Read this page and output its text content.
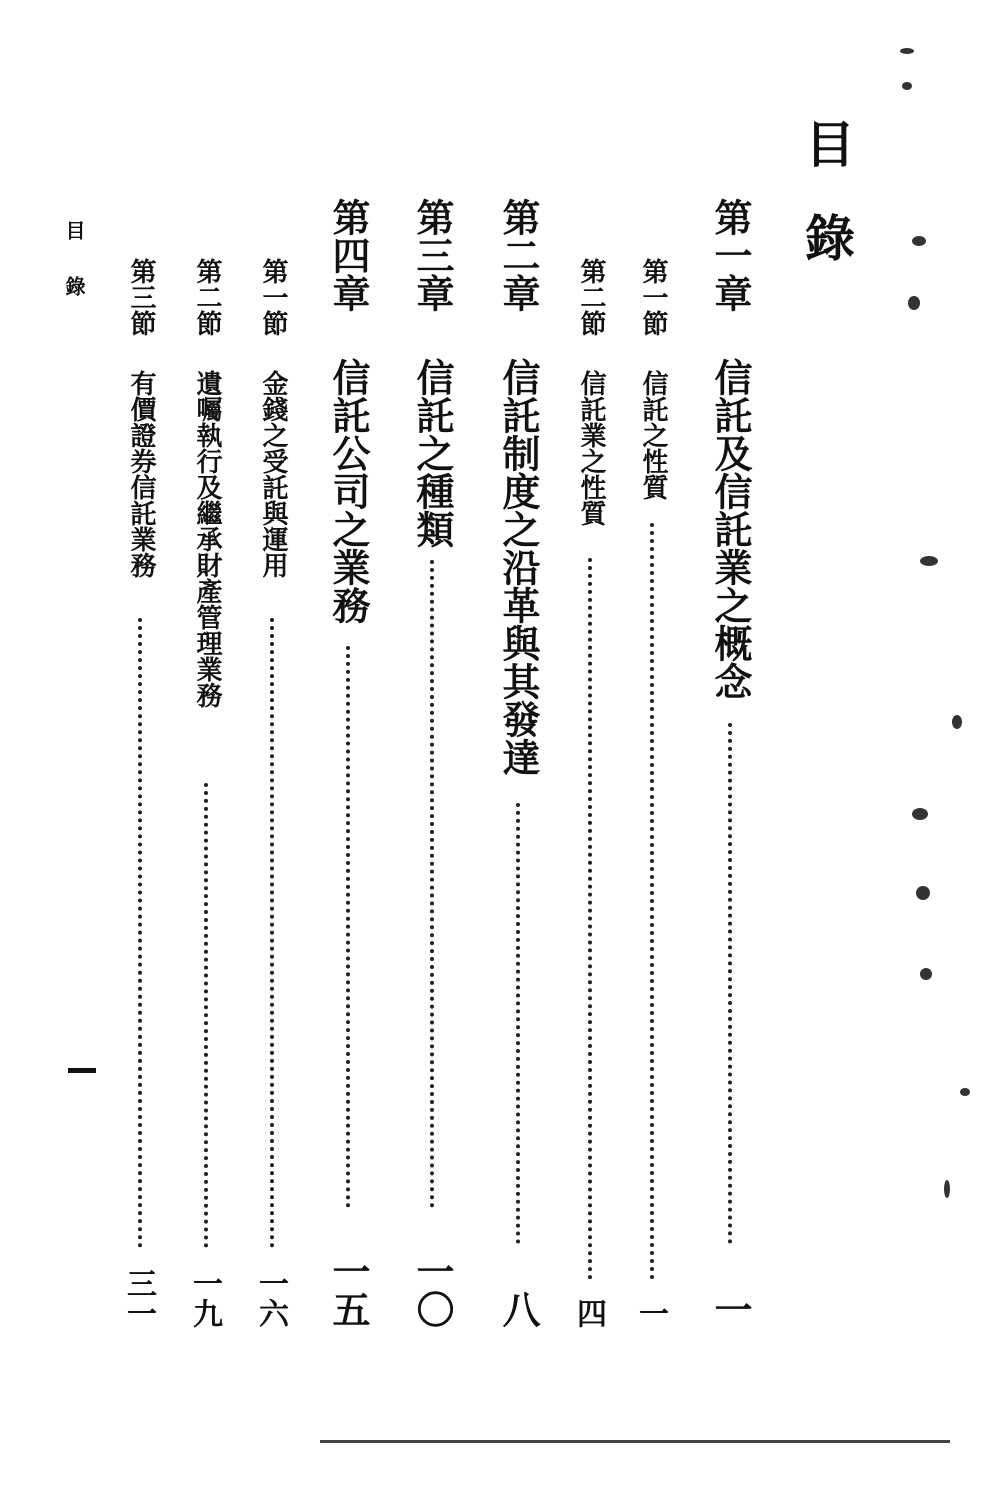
目
錄
第一章
信託及信託業之概念
一
第一節
信託之性質
一
第二節
信託業之性質
四
第二章
信託制度之沿革與其發達
八
第三章
信託之種類
一〇
第四章
信託公司之業務
一五
第一節
金錢之受託與運用
一六
第二節
遺囑執行及繼承財產管理業務
一九
第三節
有價證券信託業務
三一
目錄
